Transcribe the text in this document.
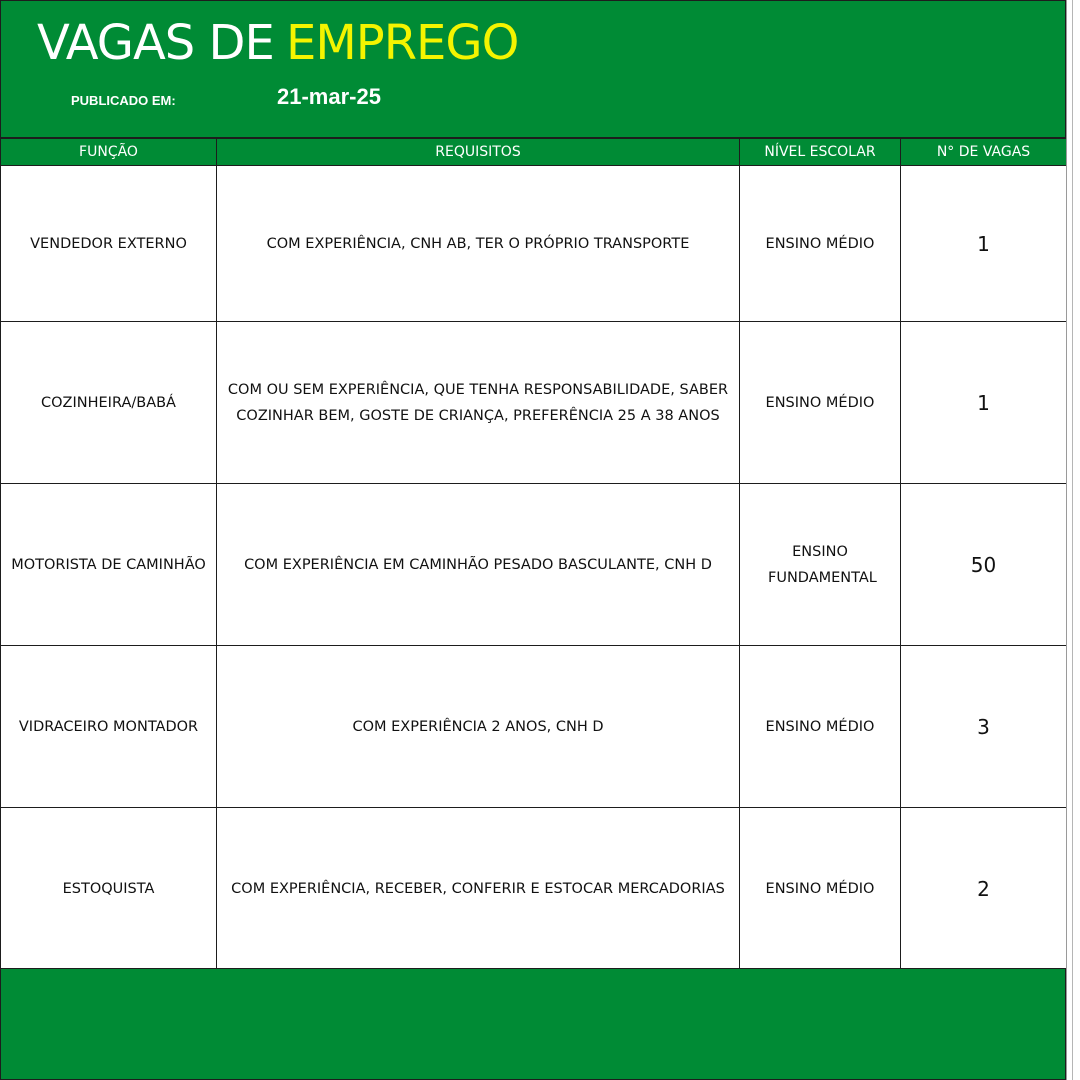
VAGAS DE EMPREGO
PUBLICADO EM:	21-mar-25
FUNÇÃO	REQUISITOS	NÍVEL ESCOLAR	N° DE VAGAS
VENDEDOR EXTERNO	COM EXPERIÊNCIA, CNH AB, TER O PRÓPRIO TRANSPORTE	ENSINO MÉDIO	1
COZINHEIRA/BABÁ	COM OU SEM EXPERIÊNCIA, QUE TENHA RESPONSABILIDADE, SABER COZINHAR BEM, GOSTE DE CRIANÇA, PREFERÊNCIA 25 A 38 ANOS	ENSINO MÉDIO	1
MOTORISTA DE CAMINHÃO	COM EXPERIÊNCIA EM CAMINHÃO PESADO BASCULANTE, CNH D	ENSINO FUNDAMENTAL	50
VIDRACEIRO MONTADOR	COM EXPERIÊNCIA 2 ANOS, CNH D	ENSINO MÉDIO	3
ESTOQUISTA	COM EXPERIÊNCIA, RECEBER, CONFERIR E ESTOCAR MERCADORIAS	ENSINO MÉDIO	2
